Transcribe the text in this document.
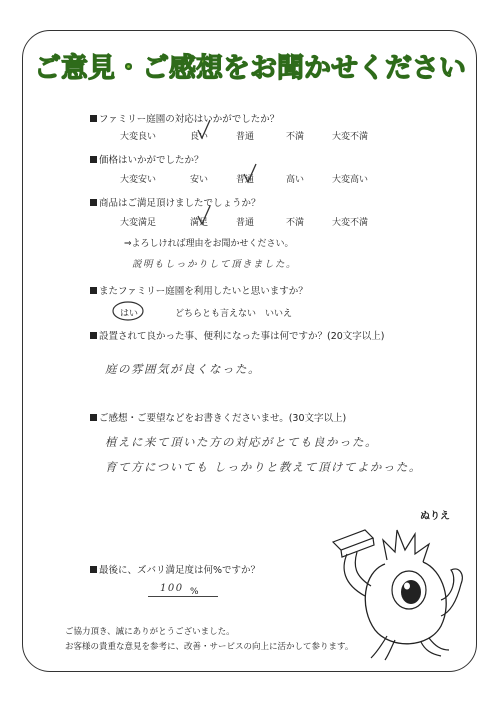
ご意見・ご感想をお聞かせください
ファミリー庭園の対応はいかがでしたか？
大変良い	良い	普通	不満	大変不満
価格はいかがでしたか？
大変安い	安い	普通	高い	大変高い
商品はご満足頂けましたでしょうか？
大変満足	満足	普通	不満	大変不満
⇒よろしければ理由をお聞かせください。
説明もしっかりして頂きました。
またファミリー庭園を利用したいと思いますか？
はい	どちらとも言えない いいえ
設置されて良かった事、便利になった事は何ですか？(20文字以上)
庭の雰囲気が良くなった。
ご感想・ご要望などをお書きくださいませ。(30文字以上)
植えに来て頂いた方の対応がとても良かった。
育て方についても しっかりと教えて頂けてよかった。
最後に、ズバリ満足度は何%ですか？
100 %
ご協力頂き、誠にありがとうございました。
お客様の貴重な意見を参考に、改善・サービスの向上に活かして参ります。
ぬりえ
